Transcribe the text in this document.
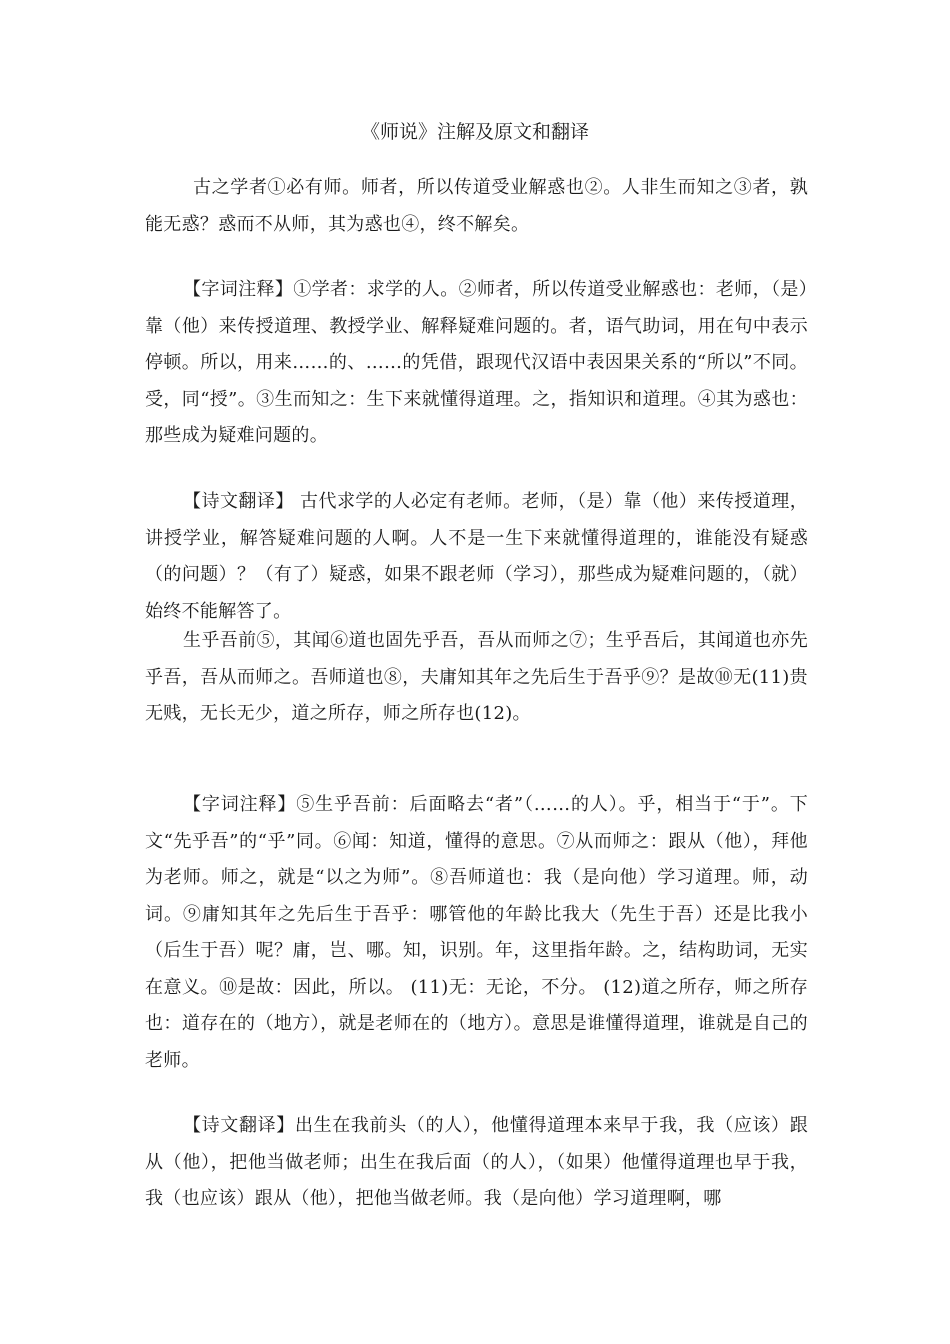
《师说》注解及原文和翻译

古之学者①必有师。师者，所以传道受业解惑也②。人非生而知之③者，孰能无惑？惑而不从师，其为惑也④，终不解矣。

【字词注释】①学者：求学的人。②师者，所以传道受业解惑也：老师，（是）靠（他）来传授道理、教授学业、解释疑难问题的。者，语气助词，用在句中表示停顿。所以，用来……的、……的凭借，跟现代汉语中表因果关系的“所以”不同。受，同“授”。③生而知之：生下来就懂得道理。之，指知识和道理。④其为惑也：那些成为疑难问题的。

【诗文翻译】 古代求学的人必定有老师。老师，（是）靠（他）来传授道理，讲授学业，解答疑难问题的人啊。人不是一生下来就懂得道理的，谁能没有疑惑（的问题）？（有了）疑惑，如果不跟老师（学习），那些成为疑难问题的，（就）始终不能解答了。

生乎吾前⑤，其闻⑥道也固先乎吾，吾从而师之⑦；生乎吾后，其闻道也亦先乎吾，吾从而师之。吾师道也⑧，夫庸知其年之先后生于吾乎⑨？是故⑩无(11)贵无贱，无长无少，道之所存，师之所存也(12)。

【字词注释】⑤生乎吾前：后面略去“者”（……的人）。乎，相当于“于”。下文“先乎吾”的“乎”同。⑥闻：知道，懂得的意思。⑦从而师之：跟从（他），拜他为老师。师之，就是“以之为师”。⑧吾师道也：我（是向他）学习道理。师，动词。⑨庸知其年之先后生于吾乎：哪管他的年龄比我大（先生于吾）还是比我小（后生于吾）呢？庸，岂、哪。知，识别。年，这里指年龄。之，结构助词，无实在意义。⑩是故：因此，所以。 (11)无：无论，不分。 (12)道之所存，师之所存也：道存在的（地方），就是老师在的（地方）。意思是谁懂得道理，谁就是自己的老师。

【诗文翻译】出生在我前头（的人），他懂得道理本来早于我，我（应该）跟从（他），把他当做老师；出生在我后面（的人），（如果）他懂得道理也早于我，我（也应该）跟从（他），把他当做老师。我（是向他）学习道理啊，哪
